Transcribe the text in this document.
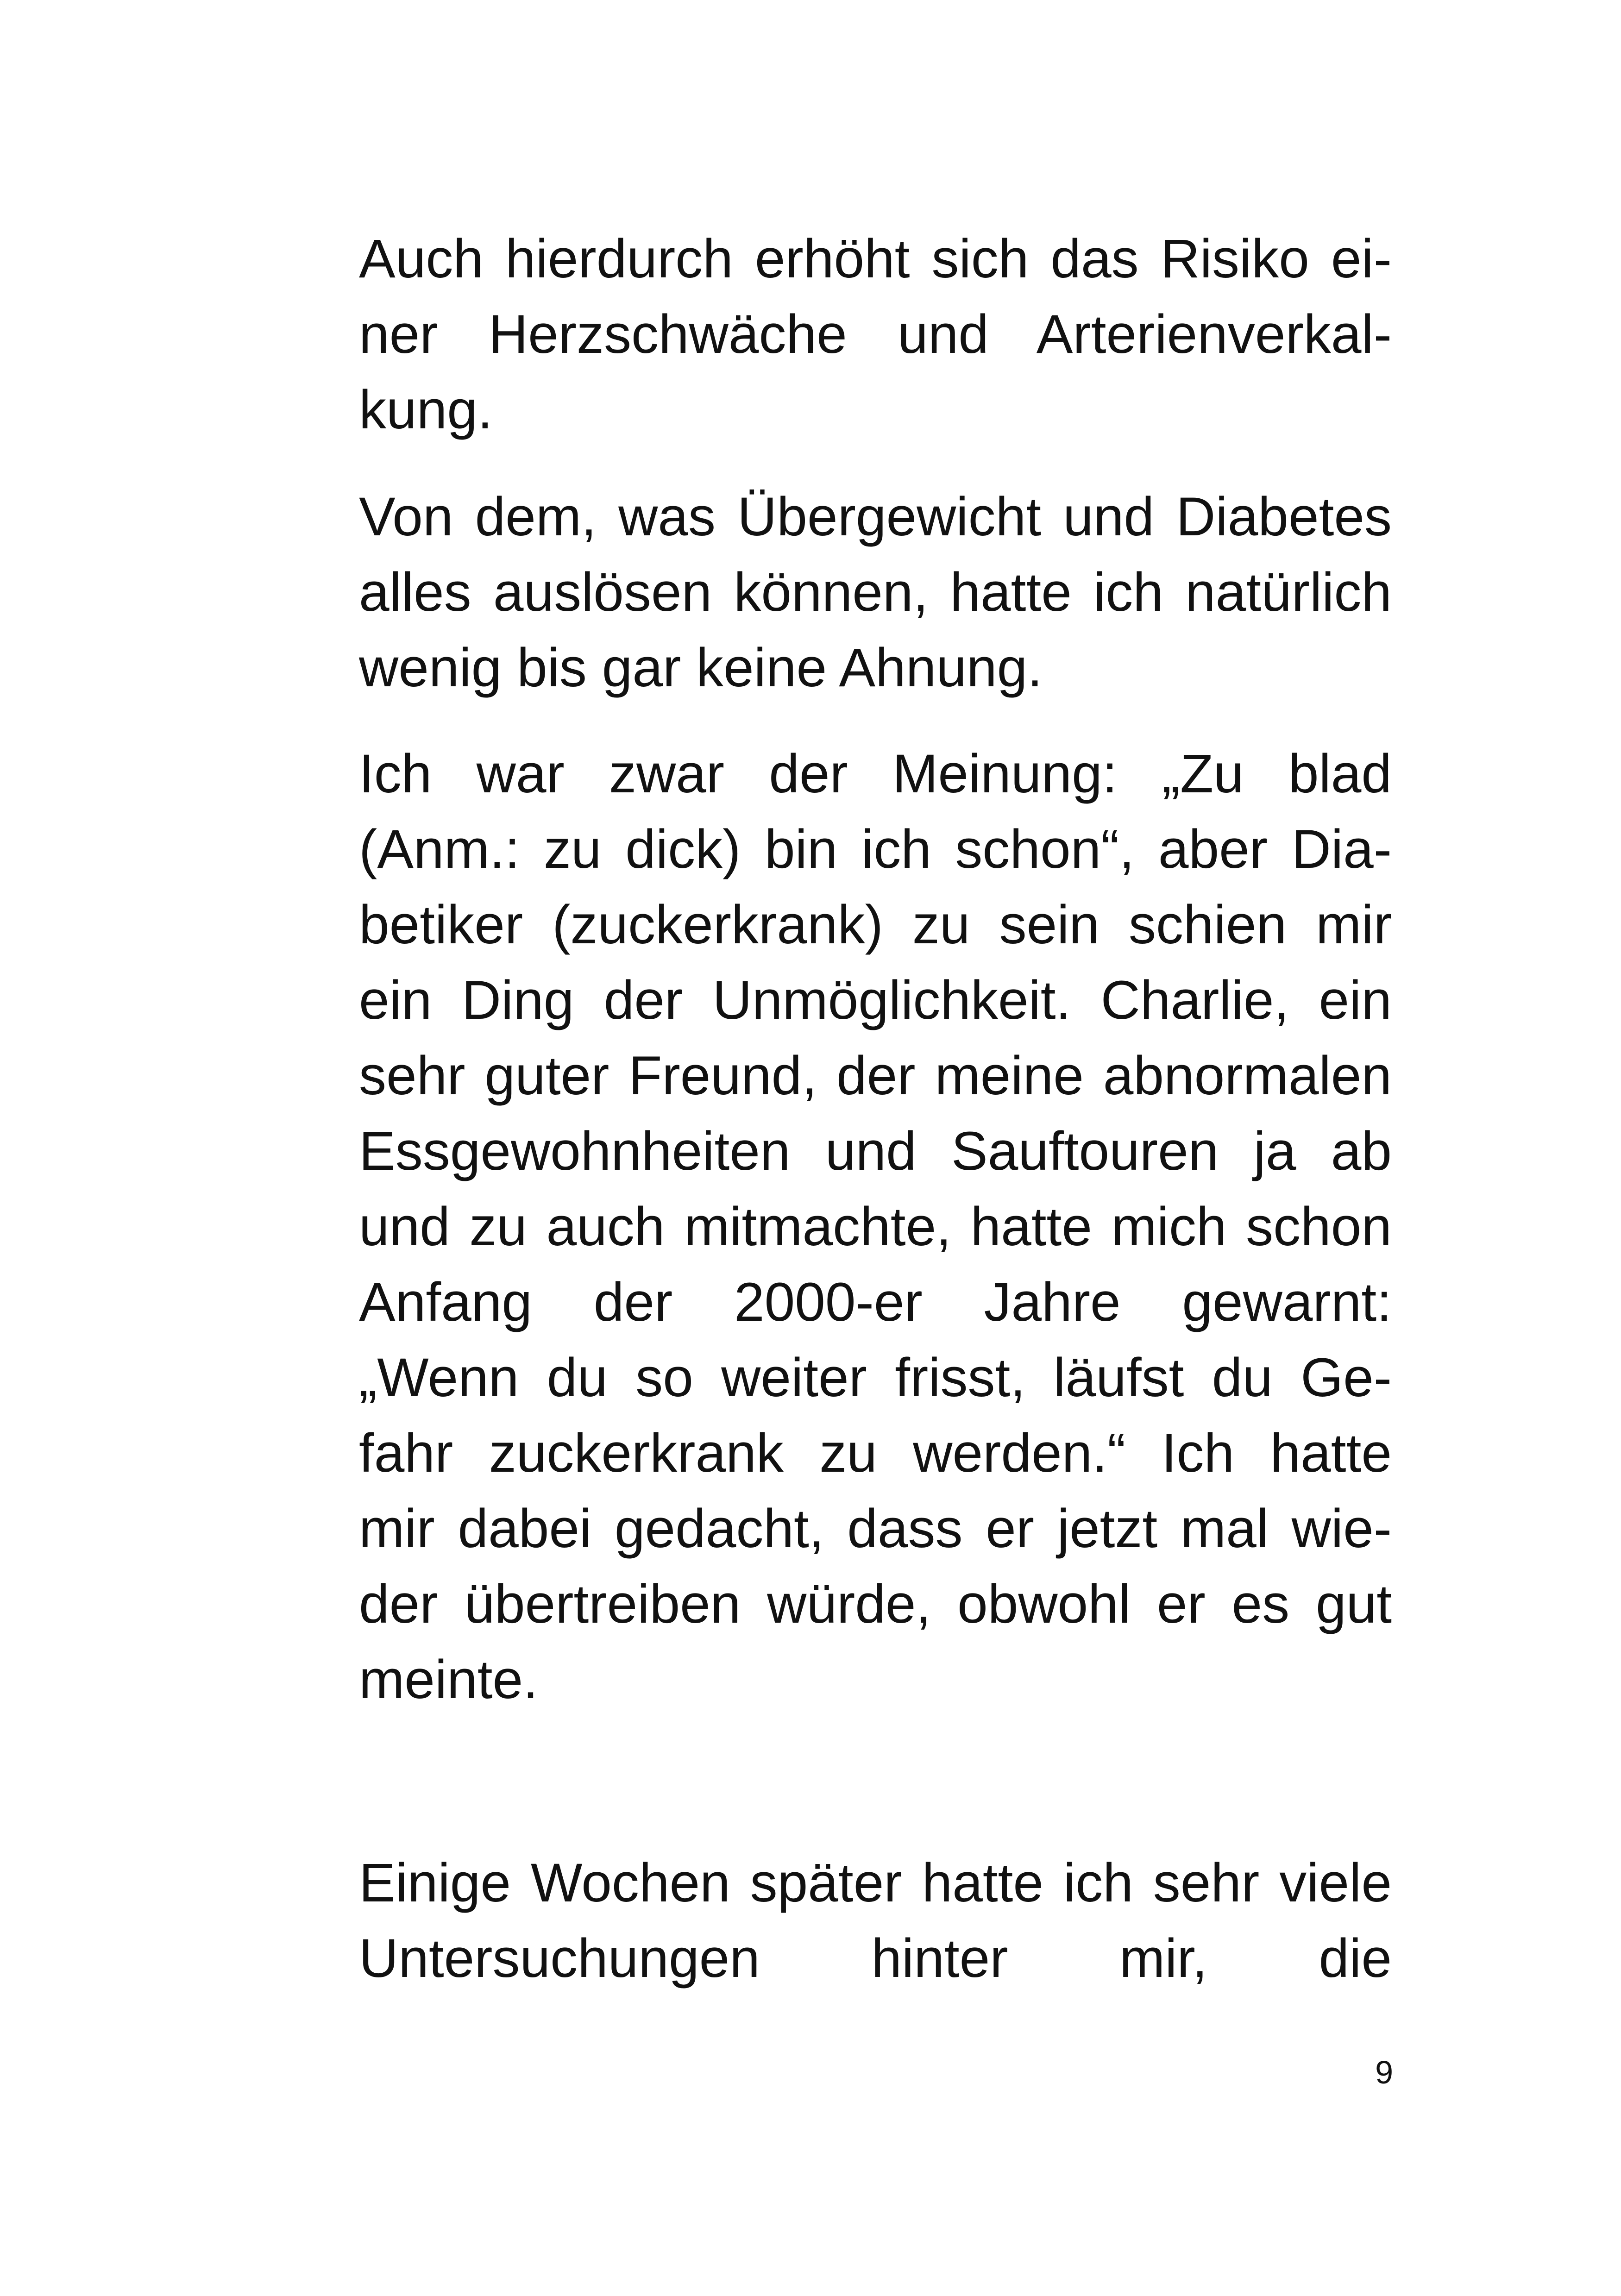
Auch hierdurch erhöht sich das Risiko ei-
ner Herzschwäche und Arterienverkal-
kung.
Von dem, was Übergewicht und Diabetes
alles auslösen können, hatte ich natürlich
wenig bis gar keine Ahnung.
Ich war zwar der Meinung: „Zu blad
(Anm.: zu dick) bin ich schon“, aber Dia-
betiker (zuckerkrank) zu sein schien mir
ein Ding der Unmöglichkeit. Charlie, ein
sehr guter Freund, der meine abnormalen
Essgewohnheiten und Sauftouren ja ab
und zu auch mitmachte, hatte mich schon
Anfang der 2000-er Jahre gewarnt:
„Wenn du so weiter frisst, läufst du Ge-
fahr zuckerkrank zu werden.“ Ich hatte
mir dabei gedacht, dass er jetzt mal wie-
der übertreiben würde, obwohl er es gut
meinte.
Einige Wochen später hatte ich sehr viele
Untersuchungen hinter mir, die
9
